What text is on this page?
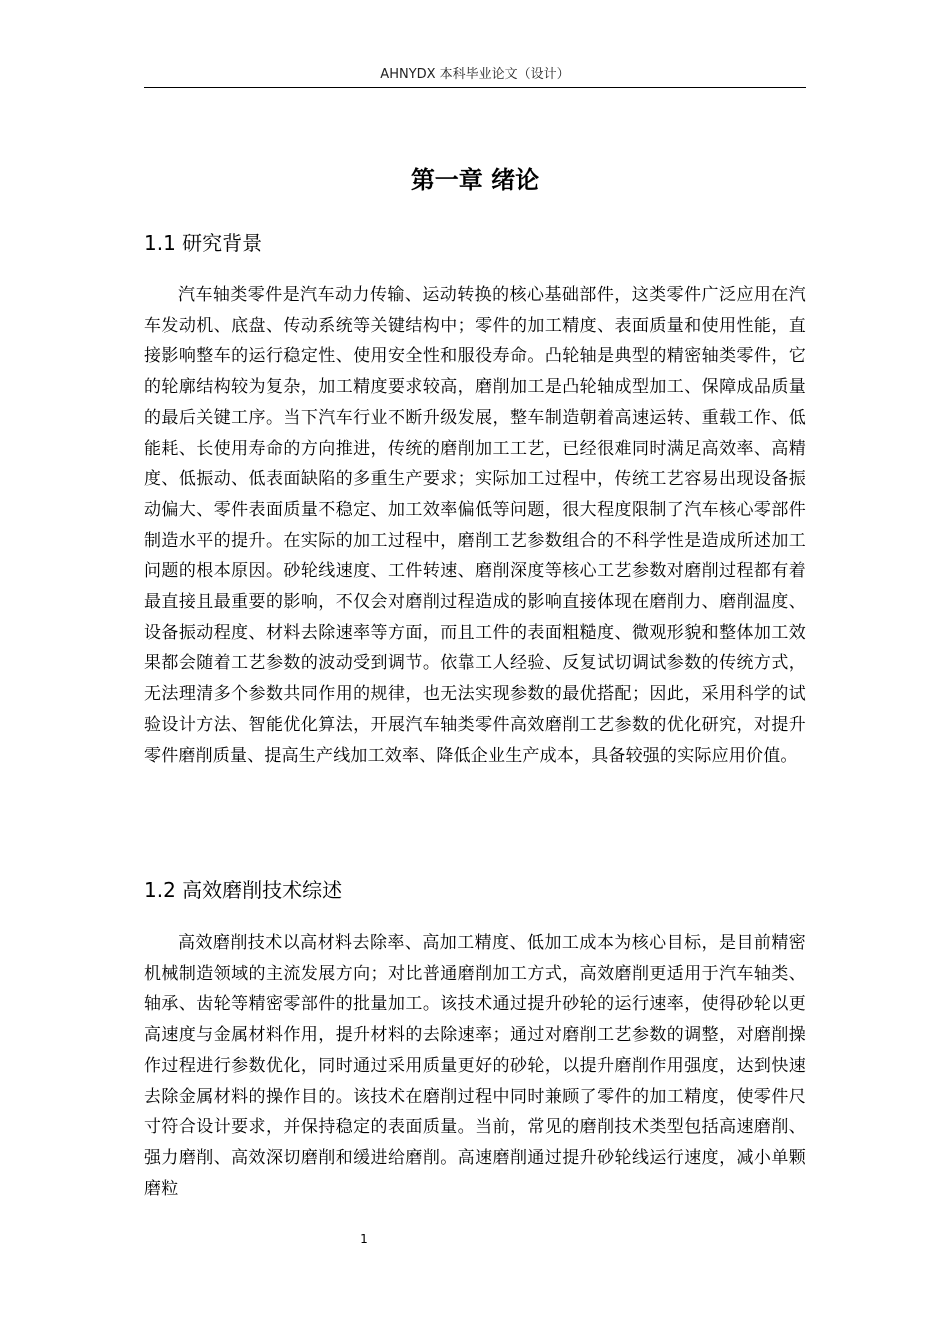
AHNYDX 本科毕业论文（设计）
第一章 绪论
1.1 研究背景

汽车轴类零件是汽车动力传输、运动转换的核心基础部件，这类零件广泛应用在汽车发动机、底盘、传动系统等关键结构中；零件的加工精度、表面质量和使用性能，直接影响整车的运行稳定性、使用安全性和服役寿命。凸轮轴是典型的精密轴类零件，它的轮廓结构较为复杂，加工精度要求较高，磨削加工是凸轮轴成型加工、保障成品质量的最后关键工序。当下汽车行业不断升级发展，整车制造朝着高速运转、重载工作、低能耗、长使用寿命的方向推进，传统的磨削加工工艺，已经很难同时满足高效率、高精度、低振动、低表面缺陷的多重生产要求；实际加工过程中，传统工艺容易出现设备振动偏大、零件表面质量不稳定、加工效率偏低等问题，很大程度限制了汽车核心零部件制造水平的提升。在实际的加工过程中，磨削工艺参数组合的不科学性是造成所述加工问题的根本原因。砂轮线速度、工件转速、磨削深度等核心工艺参数对磨削过程都有着最直接且最重要的影响，不仅会对磨削过程造成的影响直接体现在磨削力、磨削温度、设备振动程度、材料去除速率等方面，而且工件的表面粗糙度、微观形貌和整体加工效果都会随着工艺参数的波动受到调节。依靠工人经验、反复试切调试参数的传统方式，无法理清多个参数共同作用的规律，也无法实现参数的最优搭配；因此，采用科学的试验设计方法、智能优化算法，开展汽车轴类零件高效磨削工艺参数的优化研究，对提升零件磨削质量、提高生产线加工效率、降低企业生产成本，具备较强的实际应用价值。

1.2 高效磨削技术综述

高效磨削技术以高材料去除率、高加工精度、低加工成本为核心目标，是目前精密机械制造领域的主流发展方向；对比普通磨削加工方式，高效磨削更适用于汽车轴类、轴承、齿轮等精密零部件的批量加工。该技术通过提升砂轮的运行速率，使得砂轮以更高速度与金属材料作用，提升材料的去除速率；通过对磨削工艺参数的调整，对磨削操作过程进行参数优化，同时通过采用质量更好的砂轮，以提升磨削作用强度，达到快速去除金属材料的操作目的。该技术在磨削过程中同时兼顾了零件的加工精度，使零件尺寸符合设计要求，并保持稳定的表面质量。当前，常见的磨削技术类型包括高速磨削、强力磨削、高效深切磨削和缓进给磨削。高速磨削通过提升砂轮线运行速度，减小单颗磨粒

1
